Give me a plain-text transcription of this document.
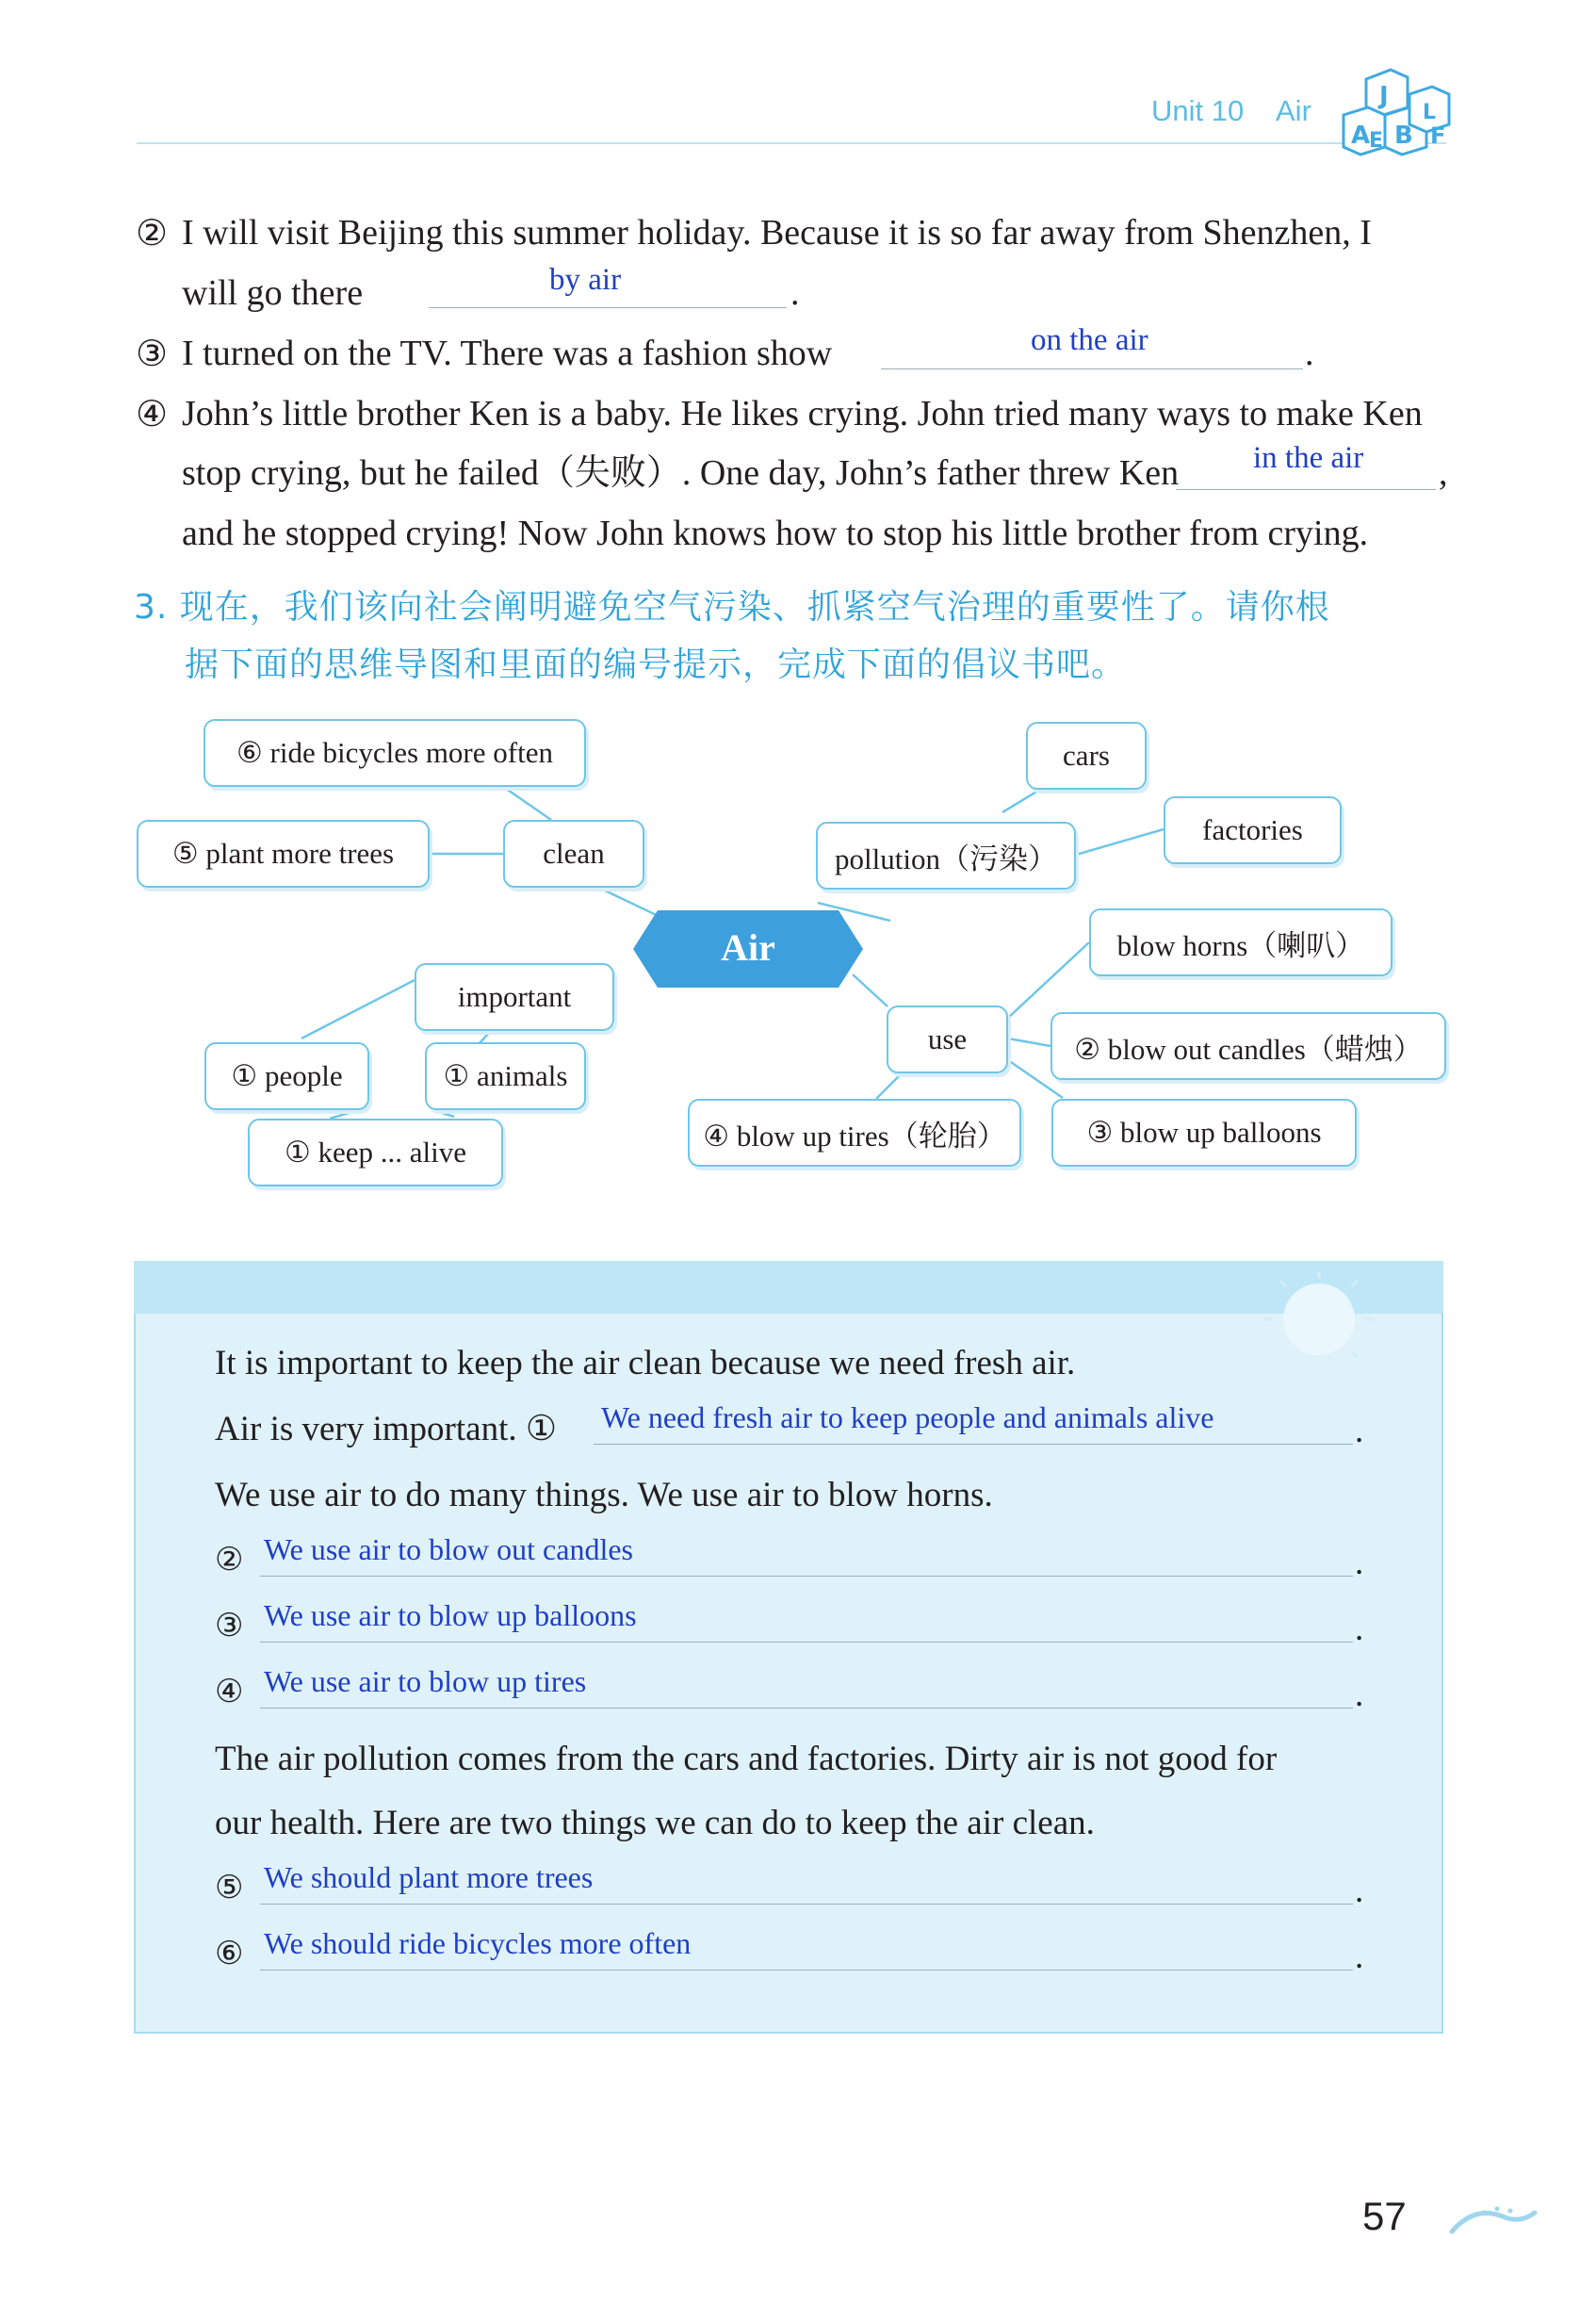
Unit 10 Air	J
A
E B F
L
② I will visit Beijing this summer holiday. Because it is so far away from Shenzhen, I
will go there	by air	.
③ I turned on the TV. There was a fashion show	on the air	.
④ John’s little brother Ken is a baby. He likes crying. John tried many ways to make Ken
stop crying, but he failed（失败）. One day, John’s father threw Ken in the air ,
and he stopped crying! Now John knows how to stop his little brother from crying.
3. 现在，我们该向社会阐明避免空气污染、抓紧空气治理的重要性了。请你根
据下面的思维导图和里面的编号提示，完成下面的倡议书吧。
⑥ ride bicycles more often
⑤ plant more trees	clean	pollution（污染）
cars
factories
Air
important
① people	① animals
① keep ... alive
use
blow horns（喇叭）
② blow out candles（蜡烛）
③ blow up balloons
④ blow up tires（轮胎）
It is important to keep the air clean because we need fresh air.
Air is very important. ① We need fresh air to keep people and animals alive	.
We use air to do many things. We use air to blow horns.
② We use air to blow out candles	.
③ We use air to blow up balloons	.
④ We use air to blow up tires	.
The air pollution comes from the cars and factories. Dirty air is not good for
our health. Here are two things we can do to keep the air clean.
⑤ We should plant more trees	.
⑥ We should ride bicycles more often	.
57
